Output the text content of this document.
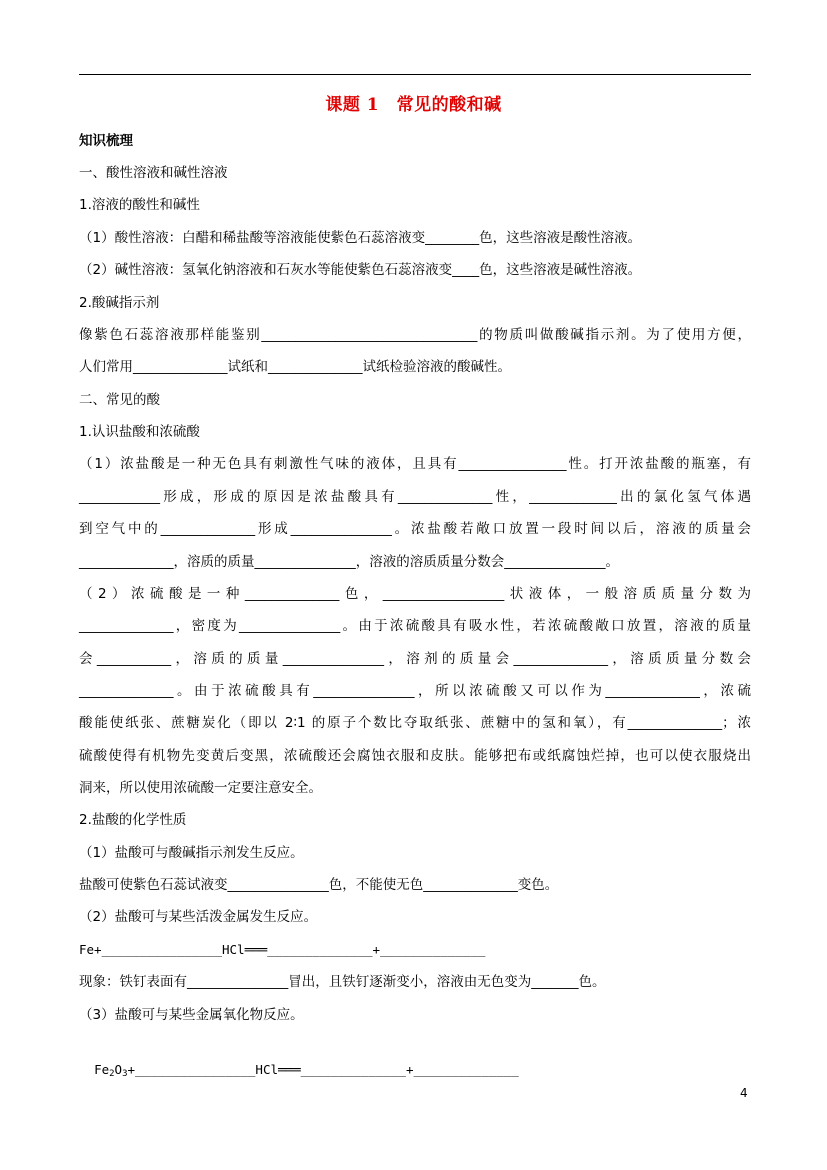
课题 1　常见的酸和碱
知识梳理
一、酸性溶液和碱性溶液
1.溶液的酸性和碱性
（1）酸性溶液：白醋和稀盐酸等溶液能使紫色石蕊溶液变________色，这些溶液是酸性溶液。
（2）碱性溶液：氢氧化钠溶液和石灰水等能使紫色石蕊溶液变____色，这些溶液是碱性溶液。
2.酸碱指示剂
像紫色石蕊溶液那样能鉴别________________________________的物质叫做酸碱指示剂。为了使用方便，
人们常用______________试纸和______________试纸检验溶液的酸碱性。
二、常见的酸
1.认识盐酸和浓硫酸
（1）浓盐酸是一种无色具有刺激性气味的液体，且具有________________性。打开浓盐酸的瓶塞，有
____________形成，形成的原因是浓盐酸具有______________性，_____________出的氯化氢气体遇
到空气中的______________形成_______________。浓盐酸若敞口放置一段时间以后，溶液的质量会
______________，溶质的质量_______________，溶液的溶质质量分数会_______________。
（2）浓硫酸是一种______________色，__________________状液体，一般溶质质量分数为
______________，密度为_______________。由于浓硫酸具有吸水性，若浓硫酸敞口放置，溶液的质量
会___________，溶质的质量_______________，溶剂的质量会______________，溶质质量分数会
______________。由于浓硫酸具有_______________，所以浓硫酸又可以作为______________，浓硫
酸能使纸张、蔗糖炭化（即以 2∶1 的原子个数比夺取纸张、蔗糖中的氢和氧），有______________；浓
硫酸使得有机物先变黄后变黑，浓硫酸还会腐蚀衣服和皮肤。能够把布或纸腐蚀烂掉，也可以使衣服烧出
洞来，所以使用浓硫酸一定要注意安全。
2.盐酸的化学性质
（1）盐酸可与酸碱指示剂发生反应。
盐酸可使紫色石蕊试液变_______________色，不能使无色______________变色。
（2）盐酸可与某些活泼金属发生反应。
Fe+________________HCl═══______________+______________
现象：铁钉表面有_______________冒出，且铁钉逐渐变小，溶液由无色变为_______色。
（3）盐酸可与某些金属氧化物反应。

$Fe_2O_3+\_\_\_\_\_\_\_\_\_\_\_\_\_\_\_\_HCl═══\_\_\_\_\_\_\_\_\_\_\_\_\_\_+\_\_\_\_\_\_\_\_\_\_\_\_\_\_$

4
